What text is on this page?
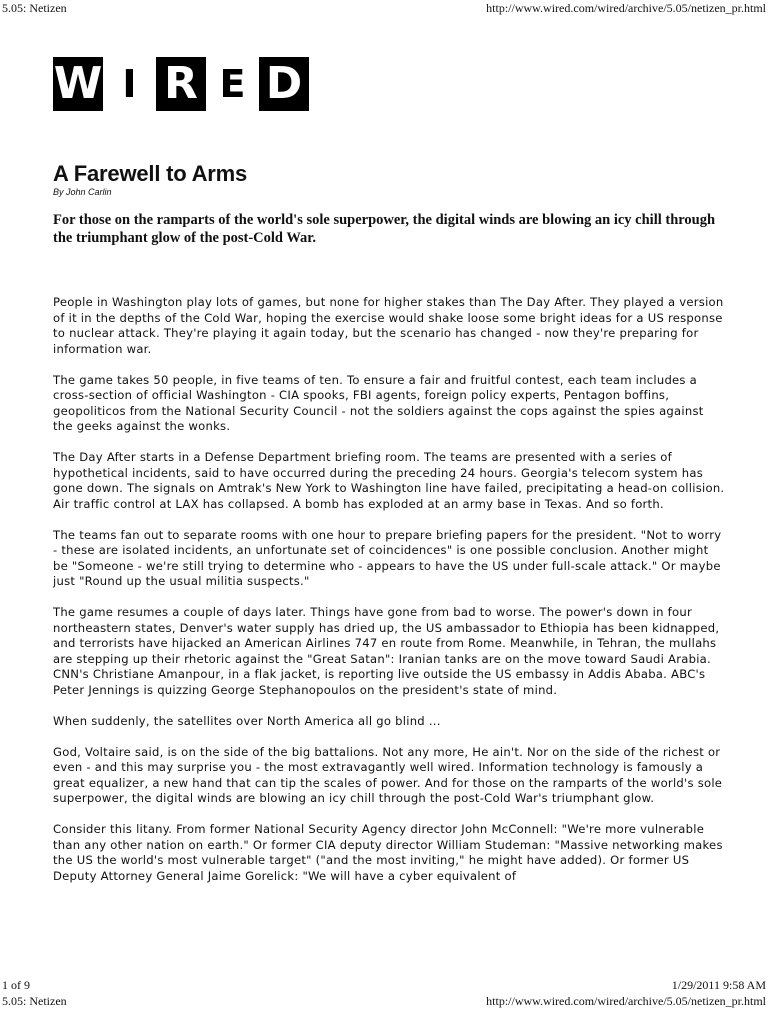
5.05: Netizen	http://www.wired.com/wired/archive/5.05/netizen_pr.html
W I R E D
A Farewell to Arms
By John Carlin
For those on the ramparts of the world's sole superpower, the digital winds are blowing an icy chill through the triumphant glow of the post-Cold War.

People in Washington play lots of games, but none for higher stakes than The Day After. They played a version of it in the depths of the Cold War, hoping the exercise would shake loose some bright ideas for a US response to nuclear attack. They're playing it again today, but the scenario has changed - now they're preparing for information war.

The game takes 50 people, in five teams of ten. To ensure a fair and fruitful contest, each team includes a cross-section of official Washington - CIA spooks, FBI agents, foreign policy experts, Pentagon boffins, geopoliticos from the National Security Council - not the soldiers against the cops against the spies against the geeks against the wonks.

The Day After starts in a Defense Department briefing room. The teams are presented with a series of hypothetical incidents, said to have occurred during the preceding 24 hours. Georgia's telecom system has gone down. The signals on Amtrak's New York to Washington line have failed, precipitating a head-on collision. Air traffic control at LAX has collapsed. A bomb has exploded at an army base in Texas. And so forth.

The teams fan out to separate rooms with one hour to prepare briefing papers for the president. "Not to worry - these are isolated incidents, an unfortunate set of coincidences" is one possible conclusion. Another might be "Someone - we're still trying to determine who - appears to have the US under full-scale attack." Or maybe just "Round up the usual militia suspects."

The game resumes a couple of days later. Things have gone from bad to worse. The power's down in four northeastern states, Denver's water supply has dried up, the US ambassador to Ethiopia has been kidnapped, and terrorists have hijacked an American Airlines 747 en route from Rome. Meanwhile, in Tehran, the mullahs are stepping up their rhetoric against the "Great Satan": Iranian tanks are on the move toward Saudi Arabia. CNN's Christiane Amanpour, in a flak jacket, is reporting live outside the US embassy in Addis Ababa. ABC's Peter Jennings is quizzing George Stephanopoulos on the president's state of mind.

When suddenly, the satellites over North America all go blind ...

God, Voltaire said, is on the side of the big battalions. Not any more, He ain't. Nor on the side of the richest or even - and this may surprise you - the most extravagantly well wired. Information technology is famously a great equalizer, a new hand that can tip the scales of power. And for those on the ramparts of the world's sole superpower, the digital winds are blowing an icy chill through the post-Cold War's triumphant glow.

Consider this litany. From former National Security Agency director John McConnell: "We're more vulnerable than any other nation on earth." Or former CIA deputy director William Studeman: "Massive networking makes the US the world's most vulnerable target" ("and the most inviting," he might have added). Or former US Deputy Attorney General Jaime Gorelick: "We will have a cyber equivalent of

1 of 9	1/29/2011 9:58 AM
5.05: Netizen	http://www.wired.com/wired/archive/5.05/netizen_pr.html
